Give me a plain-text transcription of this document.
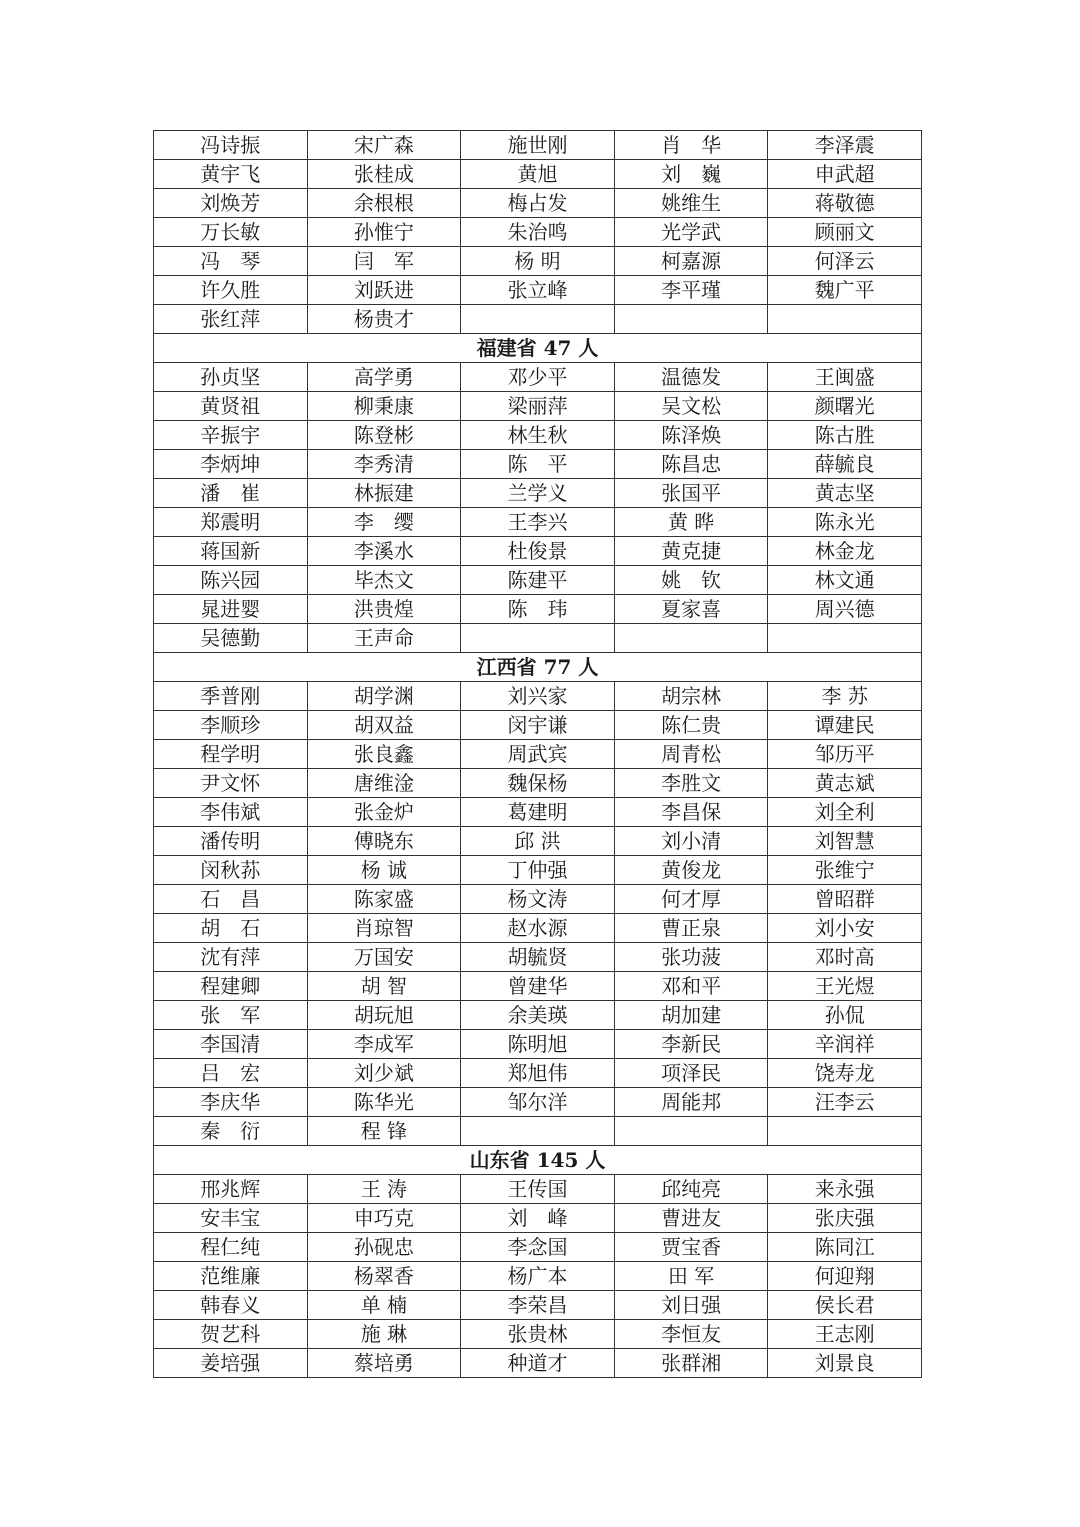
冯诗振	宋广森	施世刚	肖　华	李泽震
黄宇飞	张桂成	黄旭	刘　巍	申武超
刘焕芳	余根根	梅占发	姚维生	蒋敬德
万长敏	孙惟宁	朱治鸣	光学武	顾丽文
冯　琴	闫　军	杨 明	柯嘉源	何泽云
许久胜	刘跃进	张立峰	李平瑾	魏广平
张红萍	杨贵才			
福建省 47 人				
孙贞坚	高学勇	邓少平	温德发	王闽盛
黄贤祖	柳秉康	梁丽萍	吴文松	颜曙光
辛振宇	陈登彬	林生秋	陈泽焕	陈古胜
李炳坤	李秀清	陈　平	陈昌忠	薛毓良
潘　崔	林振建	兰学义	张国平	黄志坚
郑震明	李　缨	王李兴	黄 晔	陈永光
蒋国新	李溪水	杜俊景	黄克捷	林金龙
陈兴园	毕杰文	陈建平	姚　钦	林文通
晁进婴	洪贵煌	陈　玮	夏家喜	周兴德
吴德勤	王声命			
江西省 77 人				
季普刚	胡学渊	刘兴家	胡宗林	李 苏
李顺珍	胡双益	闵宇谦	陈仁贵	谭建民
程学明	张良鑫	周武宾	周青松	邹历平
尹文怀	唐维淦	魏保杨	李胜文	黄志斌
李伟斌	张金炉	葛建明	李昌保	刘全利
潘传明	傅晓东	邱 洪	刘小清	刘智慧
闵秋荪	杨 诚	丁仲强	黄俊龙	张维宁
石　昌	陈家盛	杨文涛	何才厚	曾昭群
胡　石	肖琼智	赵水源	曹正泉	刘小安
沈有萍	万国安	胡毓贤	张功菠	邓时高
程建卿	胡 智	曾建华	邓和平	王光煜
张　军	胡玩旭	余美瑛	胡加建	孙侃
李国清	李成军	陈明旭	李新民	辛润祥
吕　宏	刘少斌	郑旭伟	项泽民	饶寿龙
李庆华	陈华光	邹尔洋	周能邦	汪李云
秦　衍	程 锋			
山东省 145 人				
邢兆辉	王 涛	王传国	邱纯亮	来永强
安丰宝	申巧克	刘　峰	曹进友	张庆强
程仁纯	孙砚忠	李念国	贾宝香	陈同江
范维廉	杨翠香	杨广本	田 军	何迎翔
韩春义	单 楠	李荣昌	刘日强	侯长君
贺艺科	施 琳	张贵林	李恒友	王志刚
姜培强	蔡培勇	种道才	张群湘	刘景良
